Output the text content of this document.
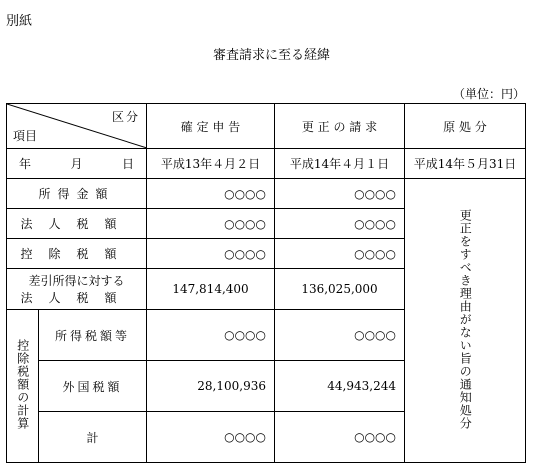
別紙
審査請求に至る経緯
（単位：円）
区分
項目		確 定 申 告	更 正 の 請 求	原 処 分

年 月 日		平成13年４月２日	平成14年４月１日	平成14年５月31日
所得金額		○○○○	○○○○	更正をすべき理由がない旨の通知処分
法人税額		○○○○	○○○○	
控除税額		○○○○	○○○○	

差引所得に対する
法人税額		147,814,400	136,025,000	
控除税額の計算	所得税額等	○○○○	○○○○	
	外国税額	28,100,936	44,943,244	
	計	○○○○	○○○○	
